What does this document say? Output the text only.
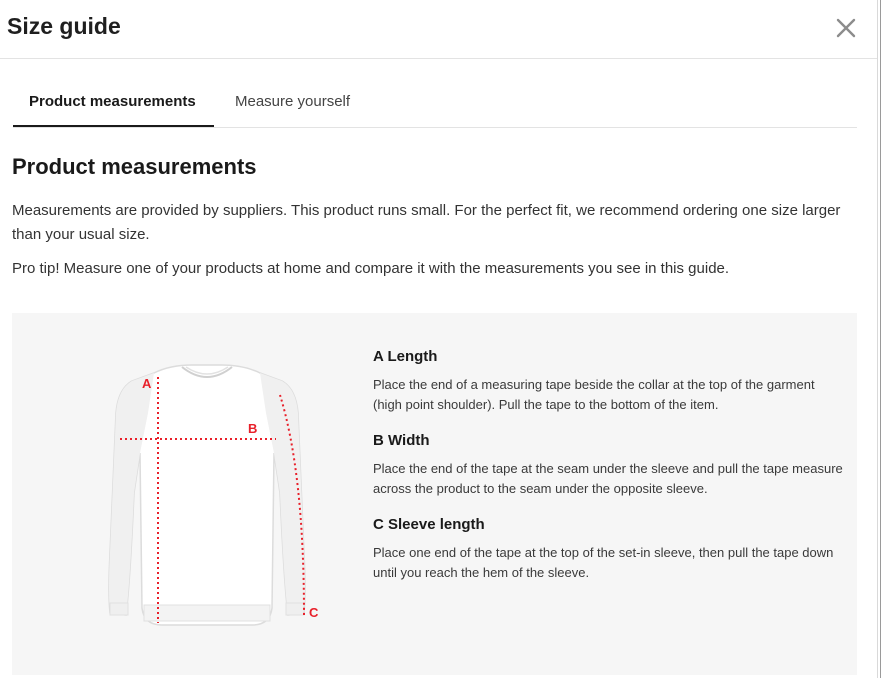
Size guide
Product measurements	Measure yourself
Product measurements

Measurements are provided by suppliers. This product runs small. For the perfect fit, we recommend ordering one size larger than your usual size.

Pro tip! Measure one of your products at home and compare it with the measurements you see in this guide.

A
B
C
A Length

Place the end of a measuring tape beside the collar at the top of the garment (high point shoulder). Pull the tape to the bottom of the item.

B Width

Place the end of the tape at the seam under the sleeve and pull the tape measure across the product to the seam under the opposite sleeve.

C Sleeve length

Place one end of the tape at the top of the set-in sleeve, then pull the tape down until you reach the hem of the sleeve.
